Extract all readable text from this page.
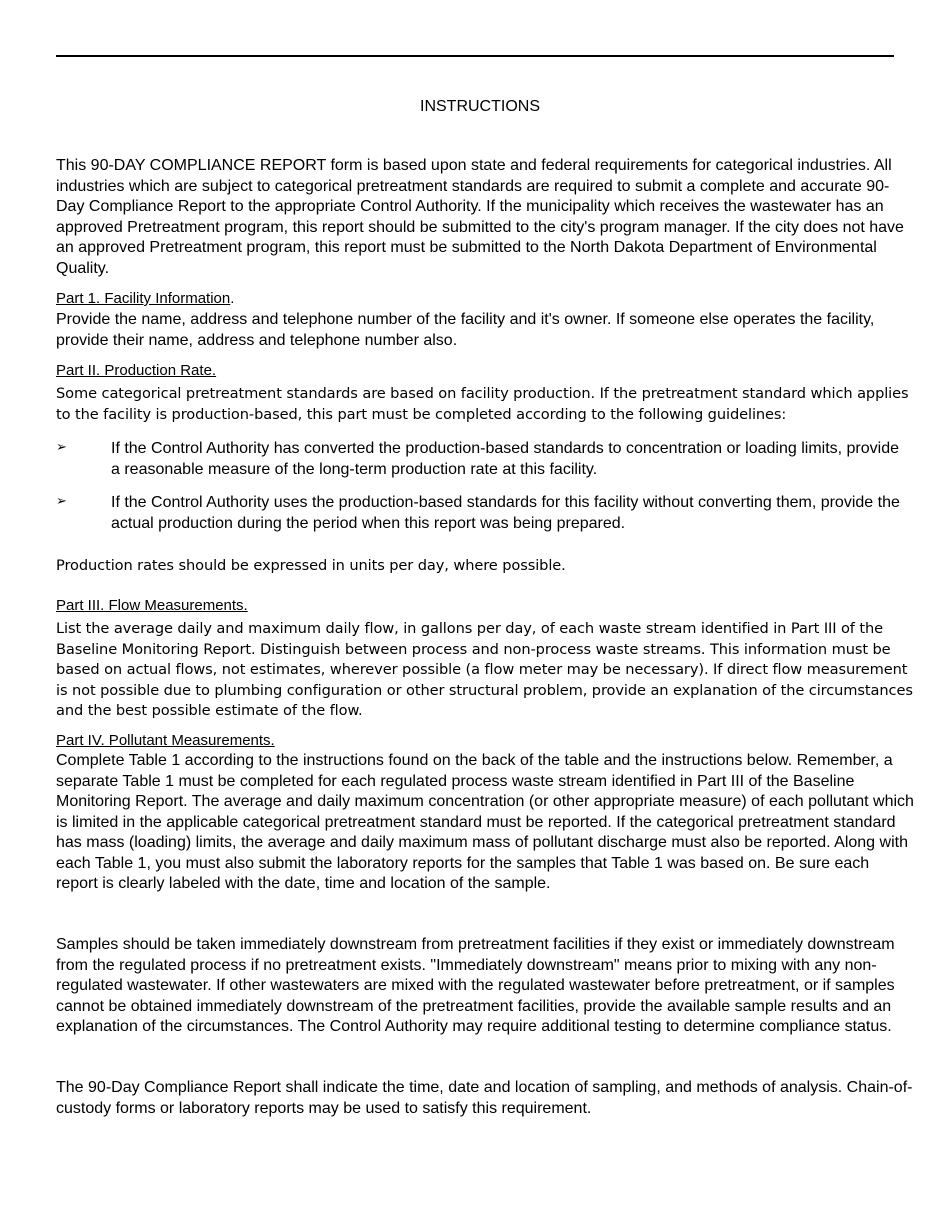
INSTRUCTIONS

This 90-DAY COMPLIANCE REPORT form is based upon state and federal requirements for categorical industries. All industries which are subject to categorical pretreatment standards are required to submit a complete and accurate 90-Day Compliance Report to the appropriate Control Authority. If the municipality which receives the wastewater has an approved Pretreatment program, this report should be submitted to the city's program manager. If the city does not have an approved Pretreatment program, this report must be submitted to the North Dakota Department of Environmental Quality.

Part 1. Facility Information.

Provide the name, address and telephone number of the facility and it's owner. If someone else operates the facility, provide their name, address and telephone number also.

Part II. Production Rate.

Some categorical pretreatment standards are based on facility production. If the pretreatment standard which applies to the facility is production-based, this part must be completed according to the following guidelines:

➢	If the Control Authority has converted the production-based standards to concentration or loading limits, provide a reasonable measure of the long-term production rate at this facility.
➢	If the Control Authority uses the production-based standards for this facility without converting them, provide the actual production during the period when this report was being prepared.

Production rates should be expressed in units per day, where possible.

Part III. Flow Measurements.

List the average daily and maximum daily flow, in gallons per day, of each waste stream identified in Part III of the Baseline Monitoring Report. Distinguish between process and non-process waste streams. This information must be based on actual flows, not estimates, wherever possible (a flow meter may be necessary). If direct flow measurement is not possible due to plumbing configuration or other structural problem, provide an explanation of the circumstances and the best possible estimate of the flow.

Part IV. Pollutant Measurements.

Complete Table 1 according to the instructions found on the back of the table and the instructions below. Remember, a separate Table 1 must be completed for each regulated process waste stream identified in Part III of the Baseline Monitoring Report. The average and daily maximum concentration (or other appropriate measure) of each pollutant which is limited in the applicable categorical pretreatment standard must be reported. If the categorical pretreatment standard has mass (loading) limits, the average and daily maximum mass of pollutant discharge must also be reported. Along with each Table 1, you must also submit the laboratory reports for the samples that Table 1 was based on. Be sure each report is clearly labeled with the date, time and location of the sample.

Samples should be taken immediately downstream from pretreatment facilities if they exist or immediately downstream from the regulated process if no pretreatment exists. "Immediately downstream" means prior to mixing with any non-regulated wastewater. If other wastewaters are mixed with the regulated wastewater before pretreatment, or if samples cannot be obtained immediately downstream of the pretreatment facilities, provide the available sample results and an explanation of the circumstances. The Control Authority may require additional testing to determine compliance status.

The 90-Day Compliance Report shall indicate the time, date and location of sampling, and methods of analysis. Chain-of-custody forms or laboratory reports may be used to satisfy this requirement.
